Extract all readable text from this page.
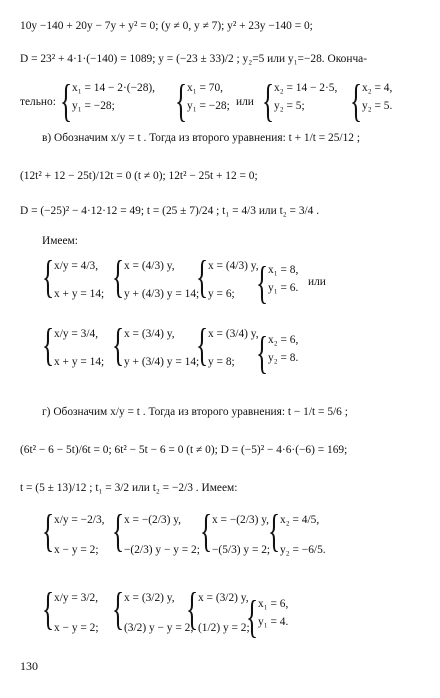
10y −140 + 20y − 7y + y² = 0; (y ≠ 0, y ≠ 7); y² + 23y −140 = 0;
D = 23² + 4·1·(−140) = 1089; y = (−23 ± 33)/2 ; y₂=5 или y₁=−28. Оконча-
тельно: { x₁ = 14 − 2·(−28),
y₁ = −28; { x₁ = 70,
y₁ = −28; или { x₂ = 14 − 2·5,
y₂ = 5; { x₂ = 4,
y₂ = 5.
в) Обозначим x/y = t . Тогда из второго уравнения: t + 1/t = 25/12 ;
(12t² + 12 − 25t)/12t = 0 (t ≠ 0); 12t² − 25t + 12 = 0;
D = (−25)² − 4·12·12 = 49; t = (25 ± 7)/24 ; t₁ = 4/3 или t₂ = 3/4 .
Имеем:
{ x/y = 4/3,
x + y = 14; { x = (4/3) y,
y + (4/3) y = 14;
{ x = (4/3) y,
y = 6; { x₁ = 8,
y₁ = 6. или
{ x/y = 3/4,
x + y = 14; { x = (3/4) y,
y + (3/4) y = 14;
{ x = (3/4) y,
y = 8; { x₂ = 6,
y₂ = 8.
г) Обозначим x/y = t . Тогда из второго уравнения: t − 1/t = 5/6 ;
(6t² − 6 − 5t)/6t = 0; 6t² − 5t − 6 = 0 (t ≠ 0); D = (−5)² − 4·6·(−6) = 169;
t = (5 ± 13)/12 ; t₁ = 3/2 или t₂ = −2/3 . Имеем:
{ x/y = −2/3,
x − y = 2; { x = −(2/3) y,
−(2/3) y − y = 2; { x = −(2/3) y,
−(5/3) y = 2;
{ x₂ = 4/5,
y₂ = −6/5.
{ x/y = 3/2,
x − y = 2; { x = (3/2) y,
(3/2) y − y = 2;
{ x = (3/2) y,
(1/2) y = 2;
{ x₁ = 6,
y₁ = 4.
130
